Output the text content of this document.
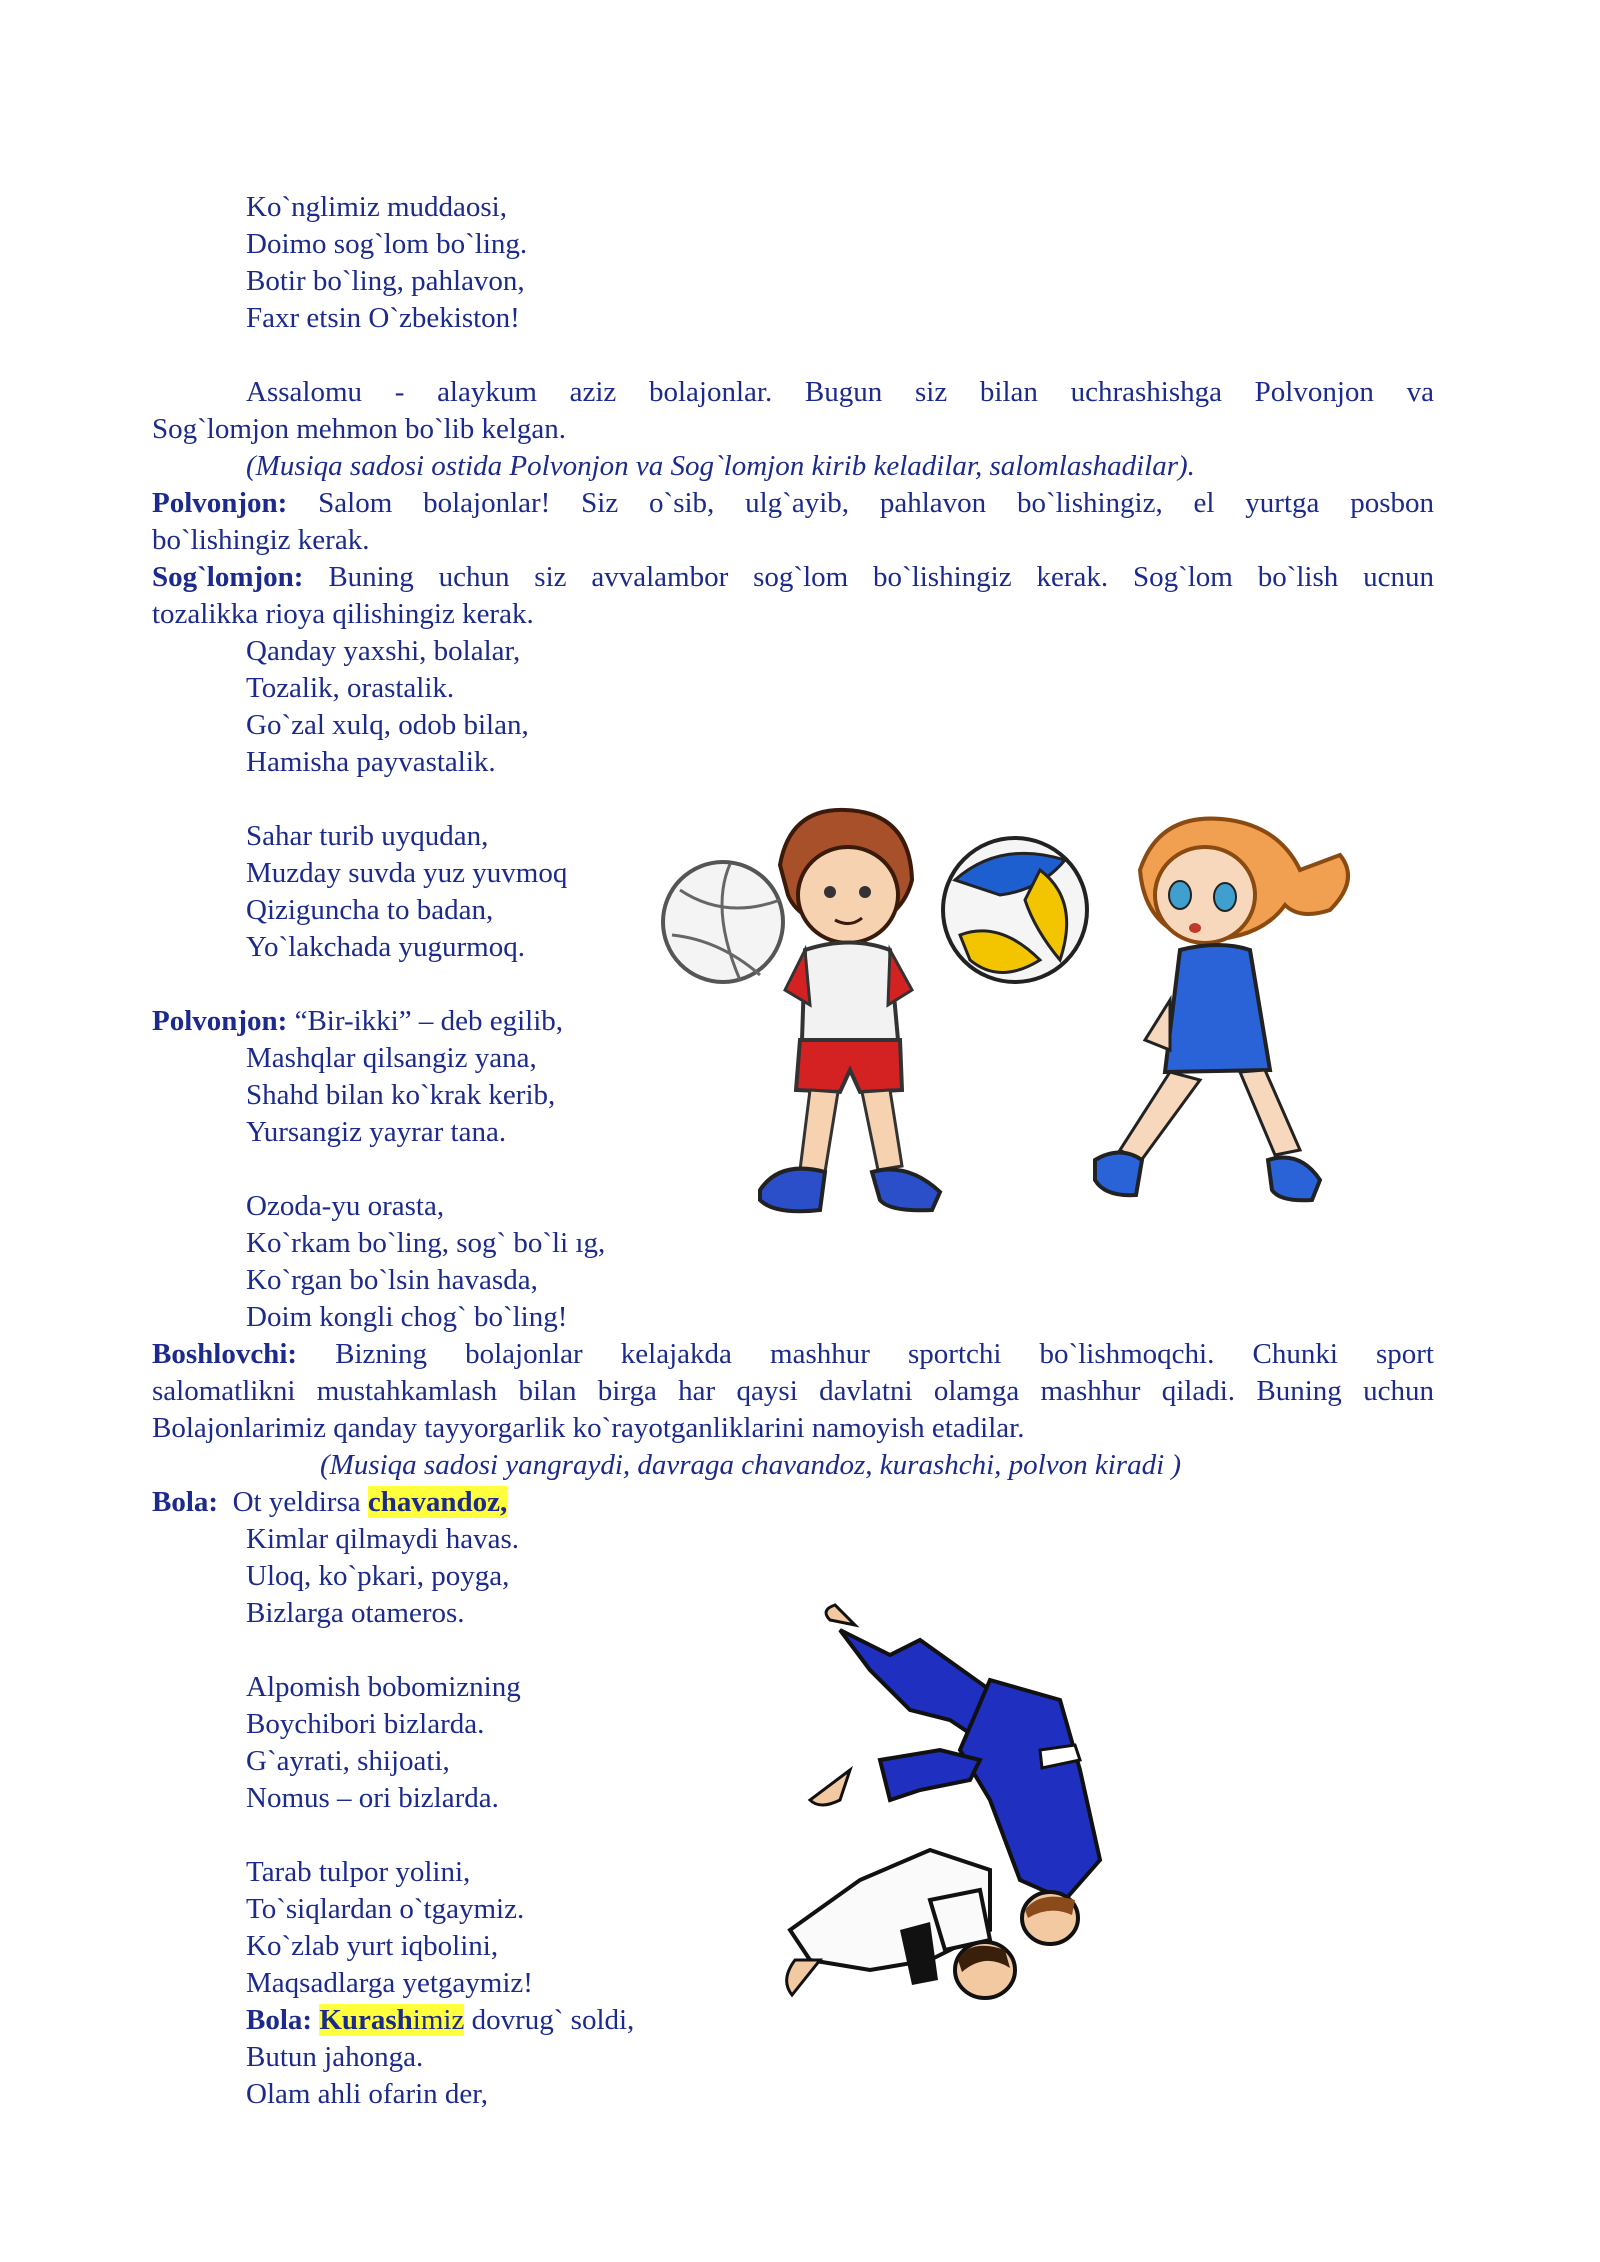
Ko`nglimiz muddaosi,
Doimo sog`lom bo`ling.
Botir bo`ling, pahlavon,
Faxr etsin O`zbekiston!
Assalomu - alaykum aziz bolajonlar. Bugun siz bilan uchrashishga Polvonjon va
Sog`lomjon mehmon bo`lib kelgan.
(Musiqa sadosi ostida Polvonjon va Sog`lomjon kirib keladilar, salomlashadilar).
Polvonjon: Salom bolajonlar! Siz o`sib, ulg`ayib, pahlavon bo`lishingiz, el yurtga posbon
bo`lishingiz kerak.
Sog`lomjon: Buning uchun siz avvalambor sog`lom bo`lishingiz kerak. Sog`lom bo`lish ucnun
tozalikka rioya qilishingiz kerak.
Qanday yaxshi, bolalar,
Tozalik, orastalik.
Go`zal xulq, odob bilan,
Hamisha payvastalik.
Sahar turib uyqudan,
Muzday suvda yuz yuvmoq
Qiziguncha to badan,
Yo`lakchada yugurmoq.
Polvonjon: “Bir-ikki” – deb egilib,
Mashqlar qilsangiz yana,
Shahd bilan ko`krak kerib,
Yursangiz yayrar tana.
Ozoda-yu orasta,
Ko`rkam bo`ling, sog` bo`li ıg,
Ko`rgan bo`lsin havasda,
Doim kongli chog` bo`ling!
Boshlovchi: Bizning bolajonlar kelajakda mashhur sportchi bo`lishmoqchi. Chunki sport
salomatlikni mustahkamlash bilan birga har qaysi davlatni olamga mashhur qiladi. Buning uchun
Bolajonlarimiz qanday tayyorgarlik ko`rayotganliklarini namoyish etadilar.
(Musiqa sadosi yangraydi, davraga chavandoz, kurashchi, polvon kiradi )
Bola:  Ot yeldirsa chavandoz,
Kimlar qilmaydi havas.
Uloq, ko`pkari, poyga,
Bizlarga otameros.
Alpomish bobomizning
Boychibori bizlarda.
G`ayrati, shijoati,
Nomus – ori bizlarda.
Tarab tulpor yolini,
To`siqlardan o`tgaymiz.
Ko`zlab yurt iqbolini,
Maqsadlarga yetgaymiz!
Bola: Kurashimiz dovrug` soldi,
Butun jahonga.
Olam ahli ofarin der,
